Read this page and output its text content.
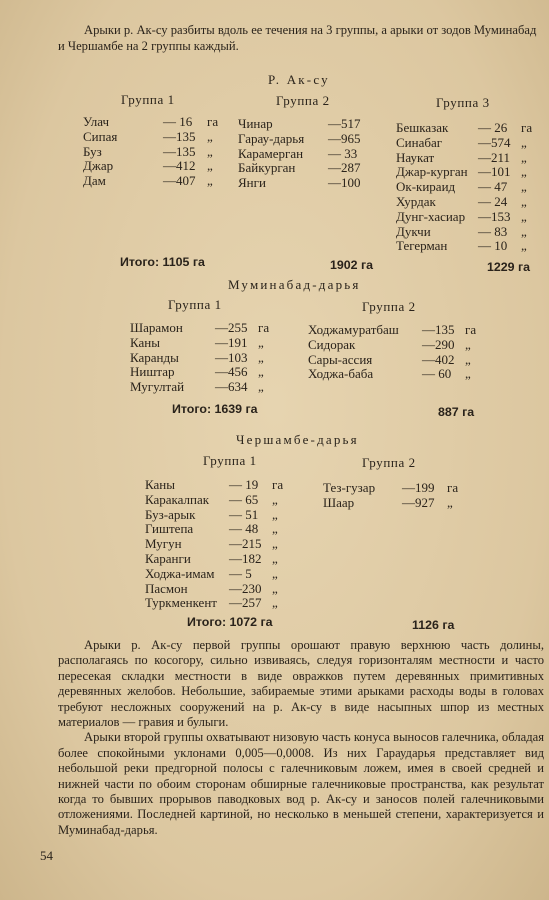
Арыки р. Ак-су разбиты вдоль ее течения на 3 группы, а арыки от зодов Муминабад и Чершамбе на 2 группы каждый.
Р. Ак-су
Группа 1	Группа 2	Группа 3
Улач	— 16 га
Сипая	—135 „
Буз	—135 „
Джар	—412 „
Дам	—407 „
Чинар	—517
Гарау-дарья —965
Карамерган — 33
Байкурган	—287
Янги	—100
Бешказак — 26 га
Синабаг	—574 „
Наукат	—211 „
Джар-курган —101 „
Ок-кираид — 47 „
Хурдак	— 24 „
Дунг-хасиар —153 „
Дукчи	— 83 „
Тегерман — 10 „
Итого: 1105 га	1902 га	1229 га
Муминабад-дарья
Группа 1	Группа 2
Шарамон —255 га
Каны	—191 „
Каранды	—103 „
Ништар	—456 „
Мугултай —634 „
Ходжамуратбаш —135 га
Сидорак	—290 „
Сары-ассия	—402 „
Ходжа-баба	— 60 „
Итого: 1639 га	887 га
Чершамбе-дарья
Группа 1	Группа 2
Каны	— 19 га
Каракалпак — 65 „
Буз-арык	— 51 „
Гиштепа	— 48 „
Мугун	—215 „
Каранги	—182 „
Ходжа-имам — 5 „
Пасмон	—230 „
Туркменкент —257 „
Тез-гузар —199 га
Шаар	—927 „
Итого: 1072 га	1126 га

Арыки р. Ак-су первой группы орошают правую верхнюю часть долины, располагаясь по косогору, сильно извиваясь, следуя горизонталям местности и часто пересекая складки местности в виде овражков путем деревянных примитивных деревянных желобов. Небольшие, забираемые этими арыками расходы воды в головах требуют несложных сооружений на р. Ак-су в виде насыпных шпор из местных материалов — гравия и булыги.

Арыки второй группы охватывают низовую часть конуса выносов галечника, обладая более спокойными уклонами 0,005—0,0008. Из них Гараударья представляет вид небольшой реки предгорной полосы с галечниковым ложем, имея в своей средней и нижней части по обоим сторонам обширные галечниковые пространства, как результат когда то бывших прорывов паводковых вод р. Ак-су и заносов полей галечниковыми отложениями. Последней картиной, но несколько в меньшей степени, характеризуется и Муминабад-дарья.

54
